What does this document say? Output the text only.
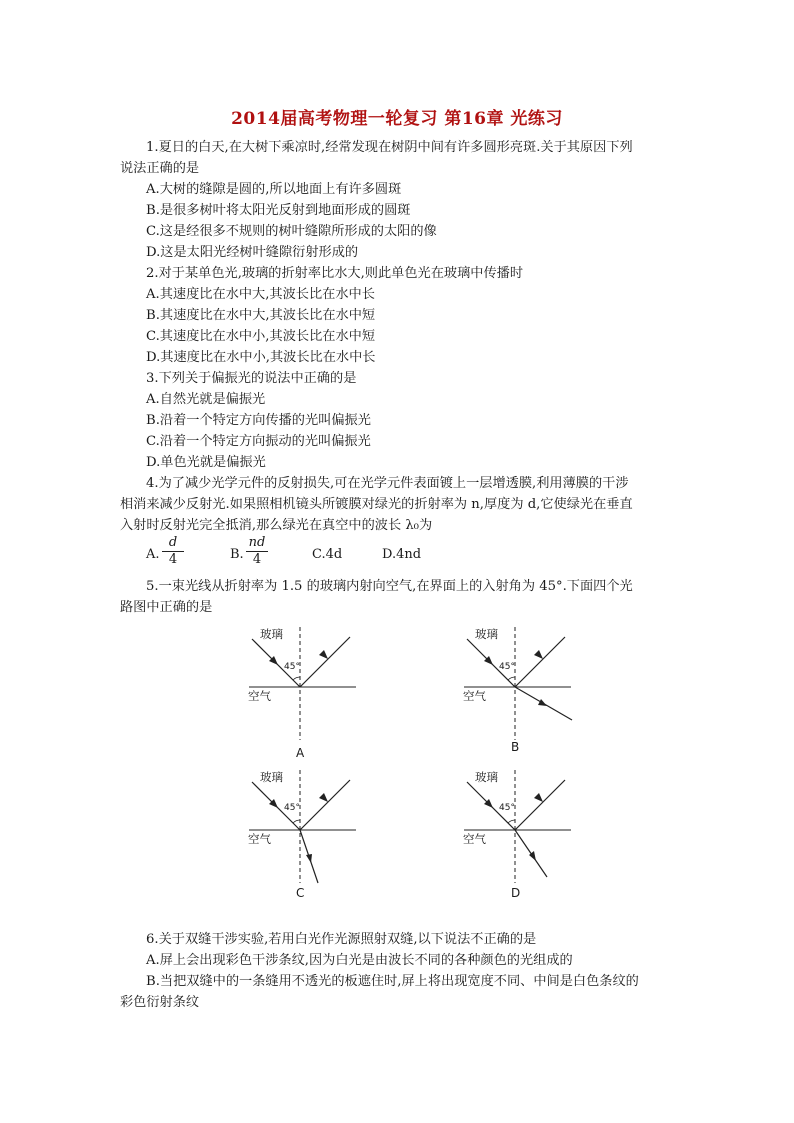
2014届高考物理一轮复习 第16章 光练习
1.夏日的白天,在大树下乘凉时,经常发现在树阴中间有许多圆形亮斑.关于其原因下列
说法正确的是
A.大树的缝隙是圆的,所以地面上有许多圆斑
B.是很多树叶将太阳光反射到地面形成的圆斑
C.这是经很多不规则的树叶缝隙所形成的太阳的像
D.这是太阳光经树叶缝隙衍射形成的
2.对于某单色光,玻璃的折射率比水大,则此单色光在玻璃中传播时
A.其速度比在水中大,其波长比在水中长
B.其速度比在水中大,其波长比在水中短
C.其速度比在水中小,其波长比在水中短
D.其速度比在水中小,其波长比在水中长
3.下列关于偏振光的说法中正确的是
A.自然光就是偏振光
B.沿着一个特定方向传播的光叫偏振光
C.沿着一个特定方向振动的光叫偏振光
D.单色光就是偏振光
4.为了减少光学元件的反射损失,可在光学元件表面镀上一层增透膜,利用薄膜的干涉
相消来减少反射光.如果照相机镜头所镀膜对绿光的折射率为 n,厚度为 d,它使绿光在垂直
入射时反射光完全抵消,那么绿光在真空中的波长 λ₀为
A.
d
4	B.
nd
4	C.4d	D.4nd
5.一束光线从折射率为 1.5 的玻璃内射向空气,在界面上的入射角为 45°.下面四个光
路图中正确的是
玻璃
45°
空气
A
玻璃
45°
空气
B
玻璃
45°
空气
C
玻璃
45°
空气
D
6.关于双缝干涉实验,若用白光作光源照射双缝,以下说法不正确的是
A.屏上会出现彩色干涉条纹,因为白光是由波长不同的各种颜色的光组成的
B.当把双缝中的一条缝用不透光的板遮住时,屏上将出现宽度不同、中间是白色条纹的
彩色衍射条纹
